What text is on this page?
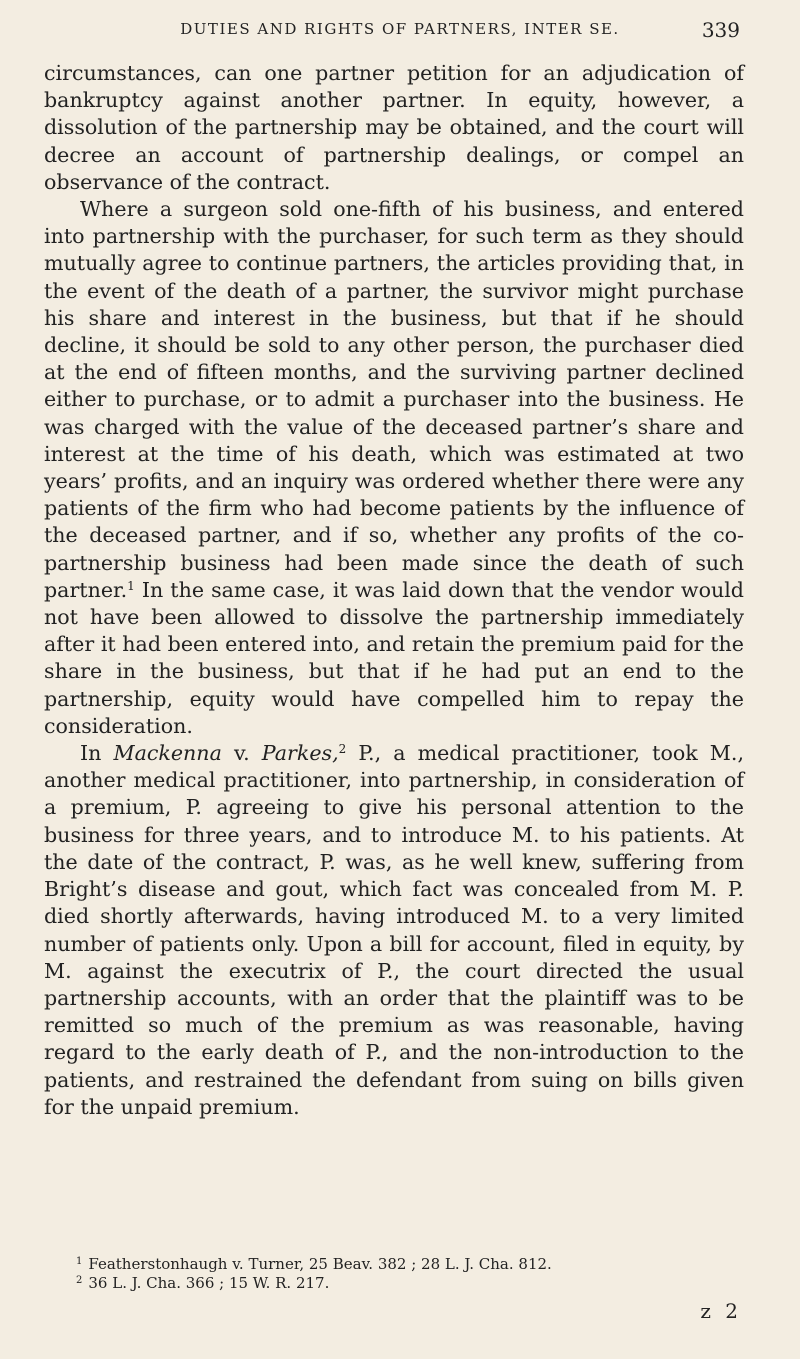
DUTIES AND RIGHTS OF PARTNERS, INTER SE.	339

circumstances, can one partner petition for an adjudication of bankruptcy against another partner. In equity, however, a dissolution of the partnership may be obtained, and the court will decree an account of partnership dealings, or compel an observance of the contract.

Where a surgeon sold one-fifth of his business, and entered into partnership with the purchaser, for such term as they should mutually agree to continue partners, the articles providing that, in the event of the death of a partner, the survivor might purchase his share and interest in the business, but that if he should decline, it should be sold to any other person, the purchaser died at the end of fifteen months, and the surviving partner declined either to purchase, or to admit a purchaser into the business. He was charged with the value of the deceased partner’s share and interest at the time of his death, which was estimated at two years’ profits, and an inquiry was ordered whether there were any patients of the firm who had become patients by the influence of the deceased partner, and if so, whether any profits of the co-partnership business had been made since the death of such partner.$^1$ In the same case, it was laid down that the vendor would not have been allowed to dissolve the partnership immediately after it had been entered into, and retain the premium paid for the share in the business, but that if he had put an end to the partnership, equity would have compelled him to repay the consideration.

In Mackenna v. Parkes,$^2$ P., a medical practitioner, took M., another medical practitioner, into partnership, in consideration of a premium, P. agreeing to give his personal attention to the business for three years, and to introduce M. to his patients. At the date of the contract, P. was, as he well knew, suffering from Bright’s disease and gout, which fact was concealed from M. P. died shortly afterwards, having introduced M. to a very limited number of patients only. Upon a bill for account, filed in equity, by M. against the executrix of P., the court directed the usual partnership accounts, with an order that the plaintiff was to be remitted so much of the premium as was reasonable, having regard to the early death of P., and the non-introduction to the patients, and restrained the defendant from suing on bills given for the unpaid premium.

$^1$ Featherstonhaugh v. Turner, 25 Beav. 382 ; 28 L. J. Cha. 812.
$^2$ 36 L. J. Cha. 366 ; 15 W. R. 217.
z 2
